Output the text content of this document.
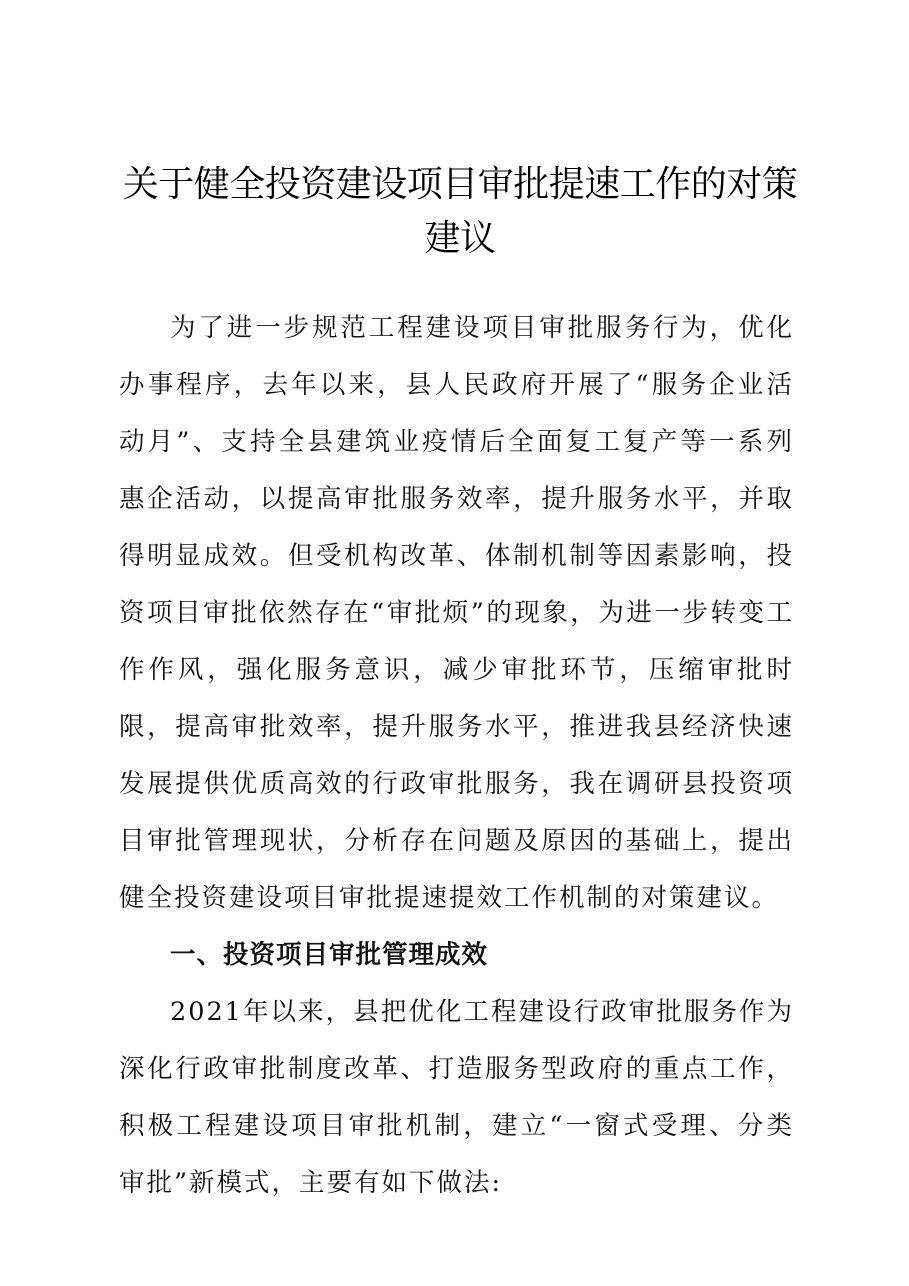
关于健全投资建设项目审批提速工作的对策建议

为了进一步规范工程建设项目审批服务行为，优化办事程序，去年以来，县人民政府开展了“服务企业活动月”、支持全县建筑业疫情后全面复工复产等一系列惠企活动，以提高审批服务效率，提升服务水平，并取得明显成效。但受机构改革、体制机制等因素影响，投资项目审批依然存在“审批烦”的现象，为进一步转变工作作风，强化服务意识，减少审批环节，压缩审批时限，提高审批效率，提升服务水平，推进我县经济快速发展提供优质高效的行政审批服务，我在调研县投资项目审批管理现状，分析存在问题及原因的基础上，提出健全投资建设项目审批提速提效工作机制的对策建议。

一、投资项目审批管理成效

2021年以来，县把优化工程建设行政审批服务作为深化行政审批制度改革、打造服务型政府的重点工作，积极工程建设项目审批机制，建立“一窗式受理、分类审批”新模式，主要有如下做法:
